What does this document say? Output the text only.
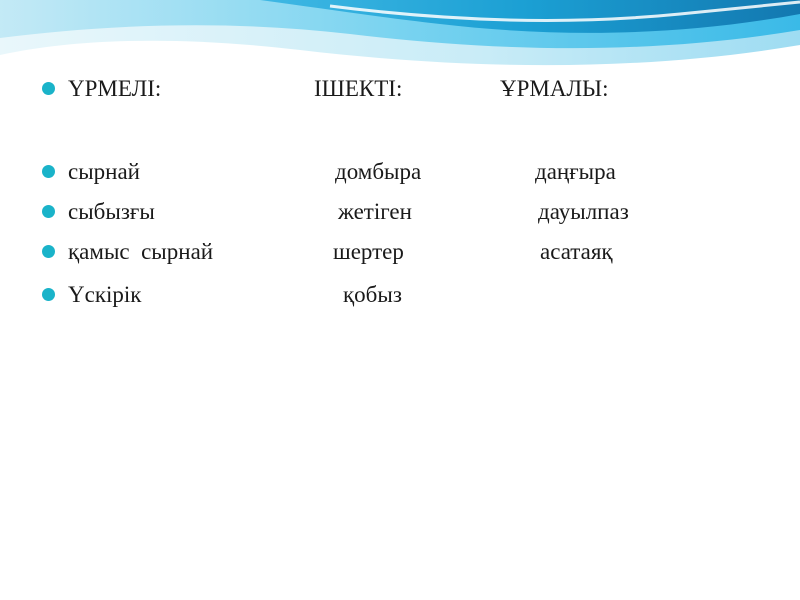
ҮРМЕЛІ:	ІШЕКТІ:	ҰРМАЛЫ:
сырнай	домбыра	даңғыра
сыбызғы	жетіген	дауылпаз
қамыс  сырнай	шертер	асатаяқ
Үскірік	қобыз
